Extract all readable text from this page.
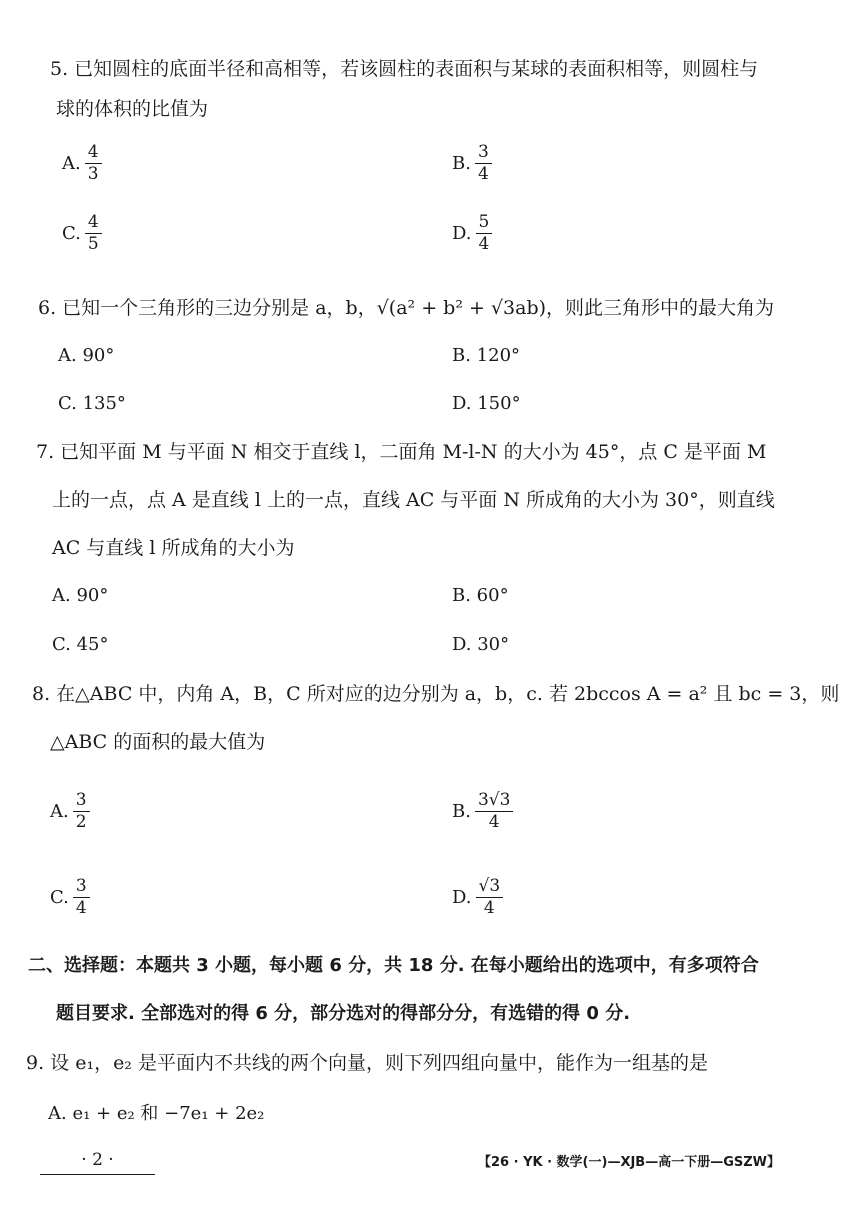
5. 已知圆柱的底面半径和高相等，若该圆柱的表面积与某球的表面积相等，则圆柱与
球的体积的比值为
A. $\frac{4}{3}$	B. $\frac{3}{4}$
C. $\frac{4}{5}$	D. $\frac{5}{4}$
6. 已知一个三角形的三边分别是 a，b，√(a² + b² + √3ab)，则此三角形中的最大角为
A. 90°	B. 120°
C. 135°	D. 150°
7. 已知平面 M 与平面 N 相交于直线 l，二面角 M-l-N 的大小为 45°，点 C 是平面 M
上的一点，点 A 是直线 l 上的一点，直线 AC 与平面 N 所成角的大小为 30°，则直线
AC 与直线 l 所成角的大小为
A. 90°	B. 60°
C. 45°	D. 30°
8. 在△ABC 中，内角 A，B，C 所对应的边分别为 a，b，c. 若 2bccos A = a² 且 bc = 3，则
△ABC 的面积的最大值为
A. $\frac{3}{2}$	B. $\frac{3√3}{4}$
C. $\frac{3}{4}$	D. $\frac{√3}{4}$
二、选择题：本题共 3 小题，每小题 6 分，共 18 分. 在每小题给出的选项中，有多项符合
题目要求. 全部选对的得 6 分，部分选对的得部分分，有选错的得 0 分.
9. 设 e₁，e₂ 是平面内不共线的两个向量，则下列四组向量中，能作为一组基的是
A. e₁ + e₂ 和 −7e₁ + 2e₂
· 2 ·	【26 · YK · 数学(一)—XJB—高一下册—GSZW】
